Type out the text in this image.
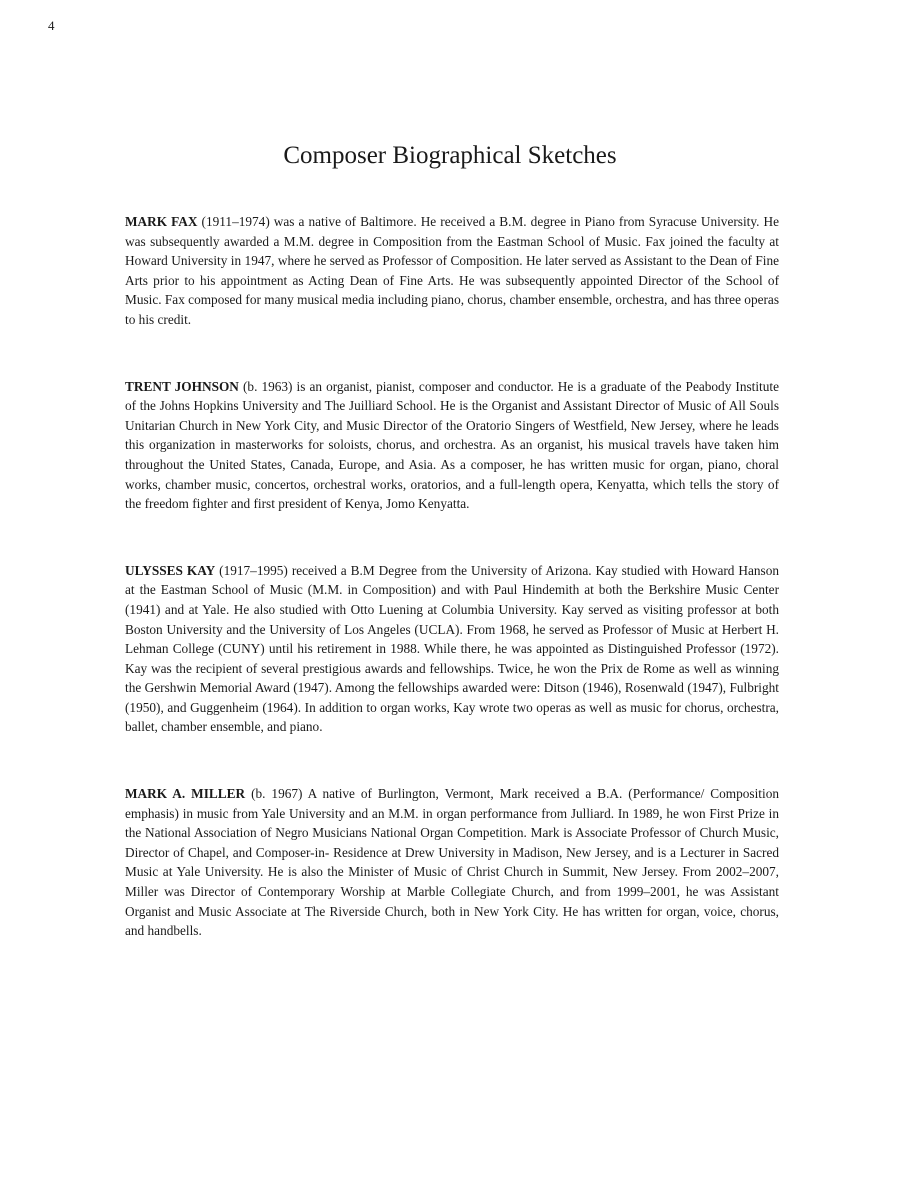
4
Composer Biographical Sketches

MARK FAX (1911–1974) was a native of Baltimore. He received a B.M. degree in Piano from Syracuse University. He was subsequently awarded a M.M. degree in Composition from the Eastman School of Music. Fax joined the faculty at Howard University in 1947, where he served as Professor of Composition. He later served as Assistant to the Dean of Fine Arts prior to his appointment as Acting Dean of Fine Arts. He was subsequently appointed Director of the School of Music. Fax composed for many musical media including piano, chorus, chamber ensemble, orchestra, and has three operas to his credit.

TRENT JOHNSON (b. 1963) is an organist, pianist, composer and conductor. He is a graduate of the Peabody Institute of the Johns Hopkins University and The Juilliard School. He is the Organist and Assistant Director of Music of All Souls Unitarian Church in New York City, and Music Director of the Oratorio Singers of Westfield, New Jersey, where he leads this organization in masterworks for soloists, chorus, and orchestra. As an organist, his musical travels have taken him throughout the United States, Canada, Europe, and Asia. As a composer, he has written music for organ, piano, choral works, chamber music, concertos, orchestral works, oratorios, and a full-length opera, Kenyatta, which tells the story of the freedom fighter and first president of Kenya, Jomo Kenyatta.

ULYSSES KAY (1917–1995) received a B.M Degree from the University of Arizona. Kay studied with Howard Hanson at the Eastman School of Music (M.M. in Composition) and with Paul Hindemith at both the Berkshire Music Center (1941) and at Yale. He also studied with Otto Luening at Columbia University. Kay served as visiting professor at both Boston University and the University of Los Angeles (UCLA). From 1968, he served as Professor of Music at Herbert H. Lehman College (CUNY) until his retirement in 1988. While there, he was appointed as Distinguished Professor (1972). Kay was the recipient of several prestigious awards and fellowships. Twice, he won the Prix de Rome as well as winning the Gershwin Memorial Award (1947). Among the fellowships awarded were: Ditson (1946), Rosenwald (1947), Fulbright (1950), and Guggenheim (1964). In addition to organ works, Kay wrote two operas as well as music for chorus, orchestra, ballet, chamber ensemble, and piano.

MARK A. MILLER (b. 1967) A native of Burlington, Vermont, Mark received a B.A. (Performance/ Composition emphasis) in music from Yale University and an M.M. in organ performance from Julliard. In 1989, he won First Prize in the National Association of Negro Musicians National Organ Competition. Mark is Associate Professor of Church Music, Director of Chapel, and Composer-in- Residence at Drew University in Madison, New Jersey, and is a Lecturer in Sacred Music at Yale University. He is also the Minister of Music of Christ Church in Summit, New Jersey. From 2002–2007, Miller was Director of Contemporary Worship at Marble Collegiate Church, and from 1999–2001, he was Assistant Organist and Music Associate at The Riverside Church, both in New York City. He has written for organ, voice, chorus, and handbells.
